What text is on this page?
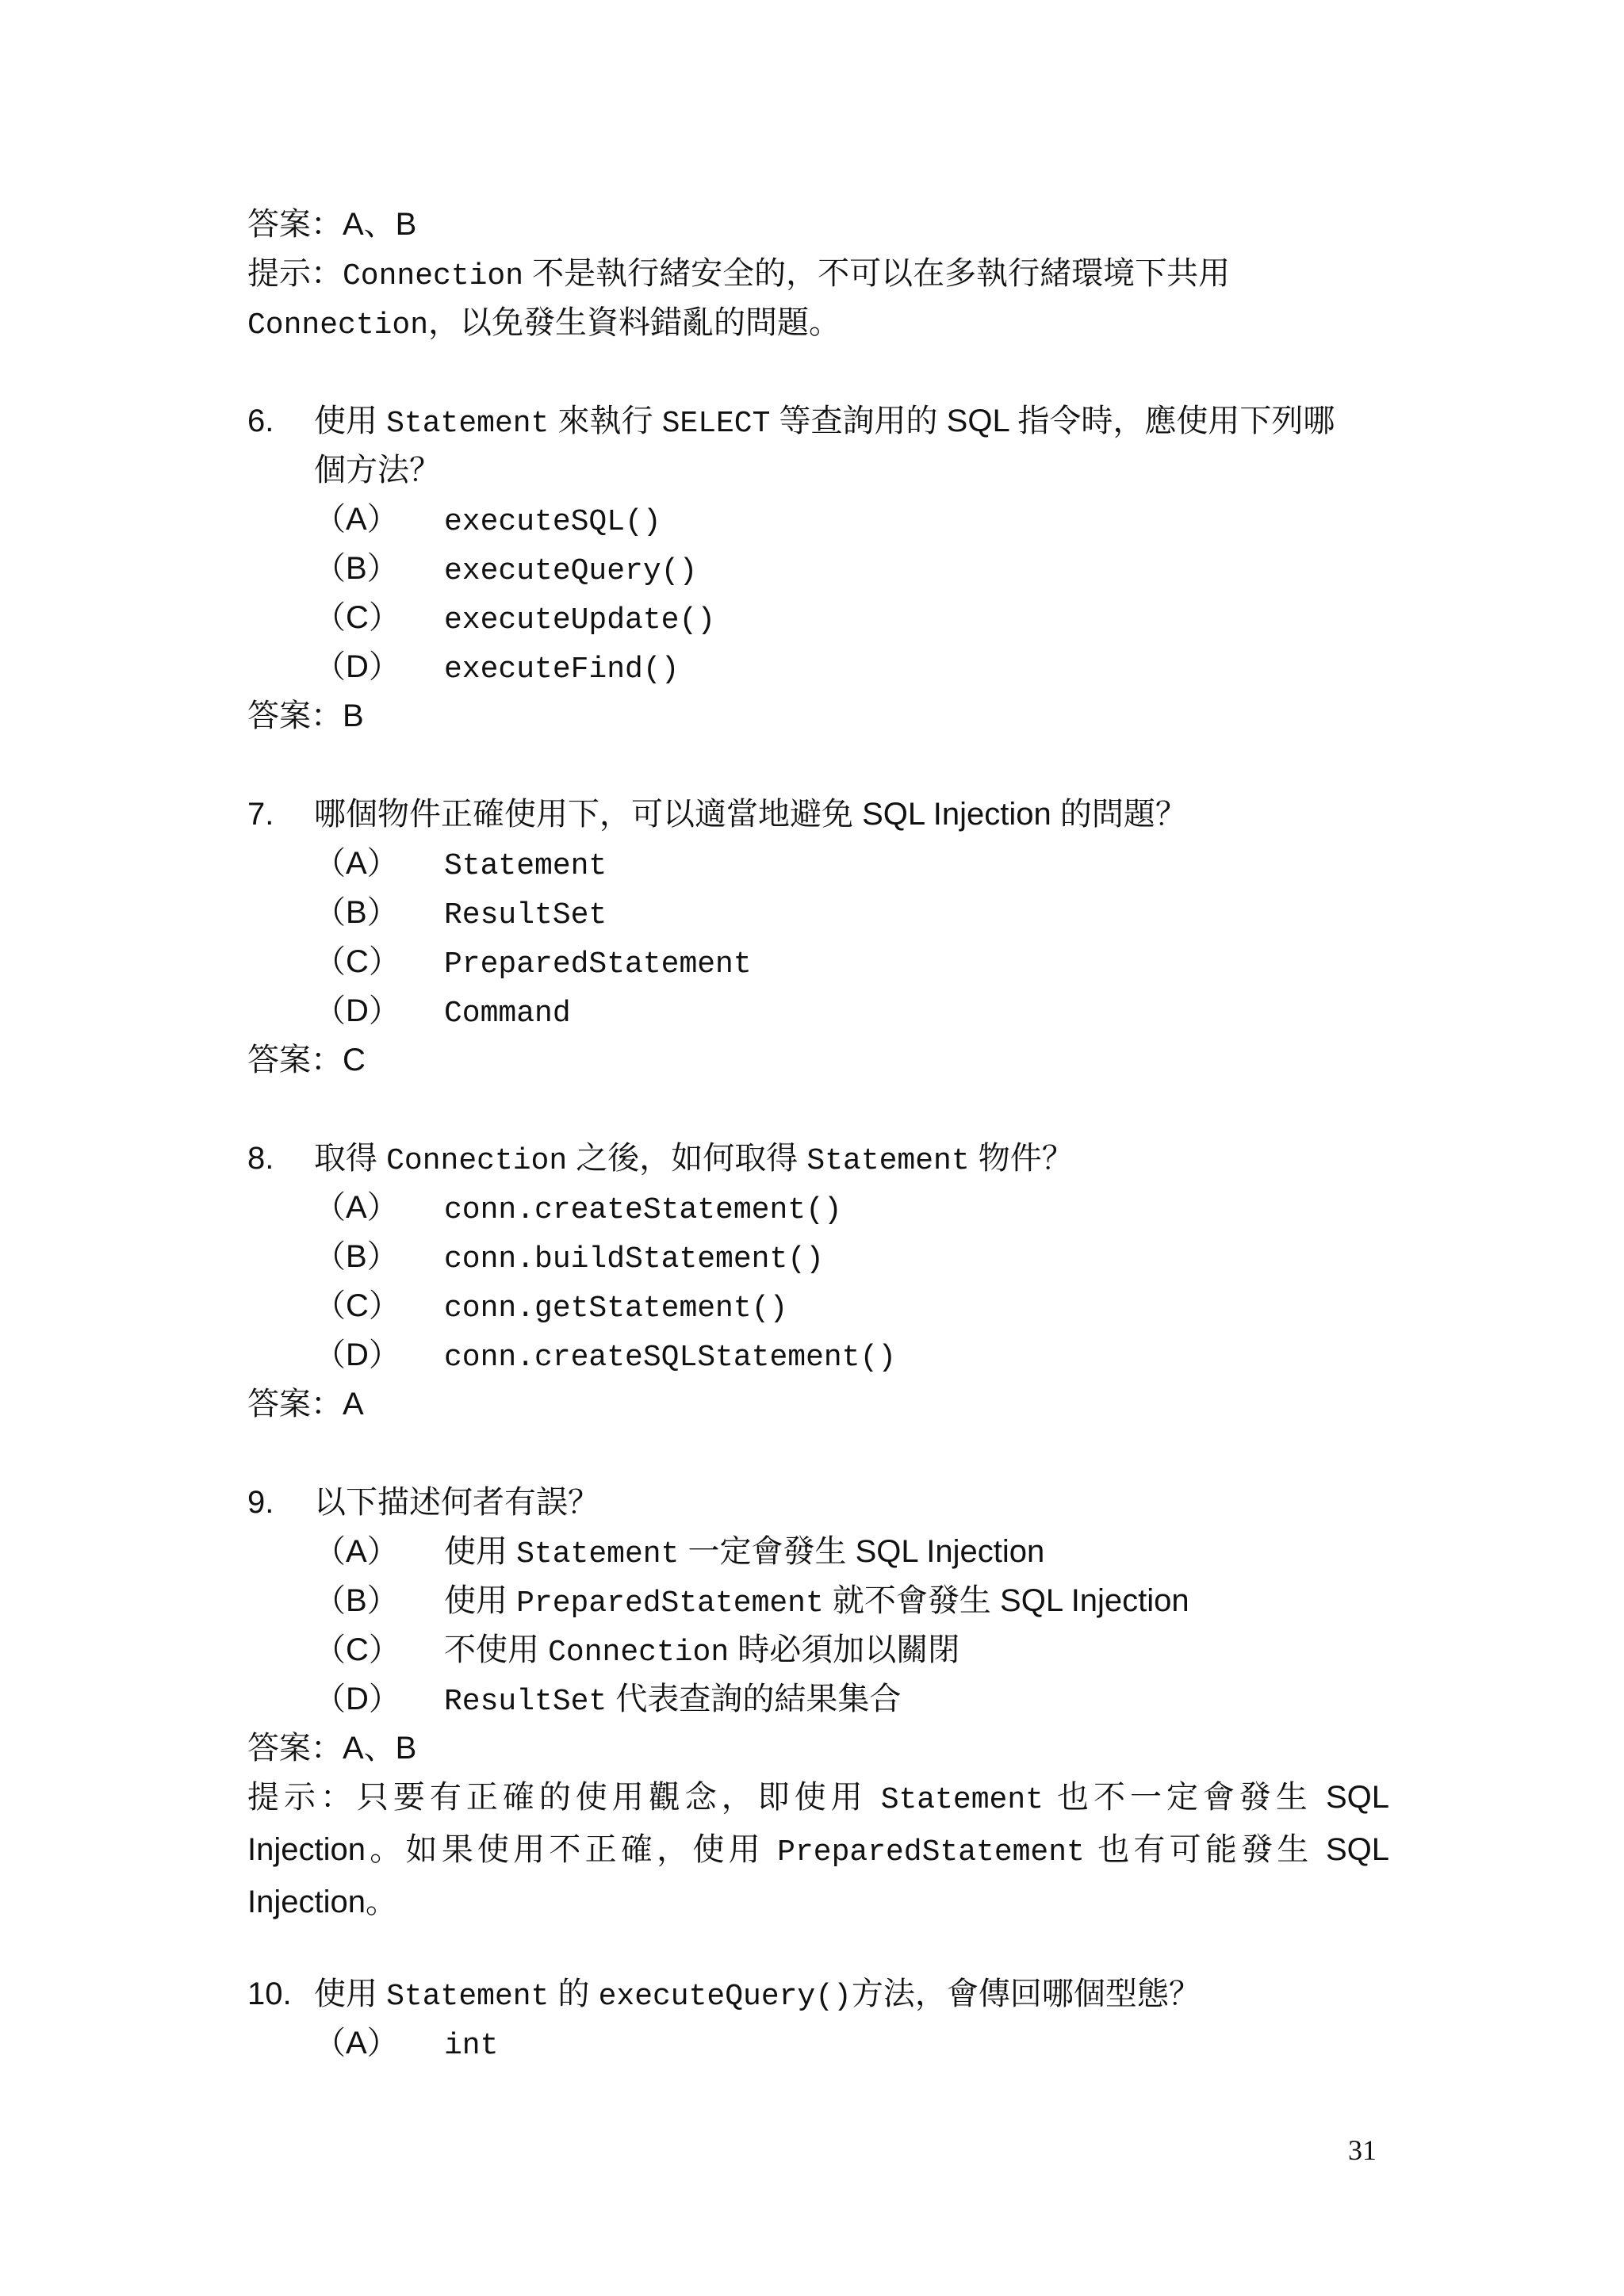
答案：A、B
提示：Connection 不是執行緒安全的，不可以在多執行緒環境下共用
Connection，以免發生資料錯亂的問題。
6. 使用 Statement 來執行 SELECT 等查詢用的 SQL 指令時，應使用下列哪
個方法？
（A） executeSQL()
（B） executeQuery()
（C） executeUpdate()
（D） executeFind()
答案：B
7. 哪個物件正確使用下，可以適當地避免 SQL Injection 的問題？
（A） Statement
（B） ResultSet
（C） PreparedStatement
（D） Command
答案：C
8. 取得 Connection 之後，如何取得 Statement 物件？
（A） conn.createStatement()
（B） conn.buildStatement()
（C） conn.getStatement()
（D） conn.createSQLStatement()
答案：A
9. 以下描述何者有誤？
（A） 使用 Statement 一定會發生 SQL Injection
（B） 使用 PreparedStatement 就不會發生 SQL Injection
（C） 不使用 Connection 時必須加以關閉
（D） ResultSet 代表查詢的結果集合
答案：A、B
提示：只要有正確的使用觀念，即使用 Statement 也不一定會發生 SQL Injection。如果使用不正確，使用 PreparedStatement 也有可能發生 SQL Injection。
10. 使用 Statement 的 executeQuery()方法，會傳回哪個型態？
（A） int
31
